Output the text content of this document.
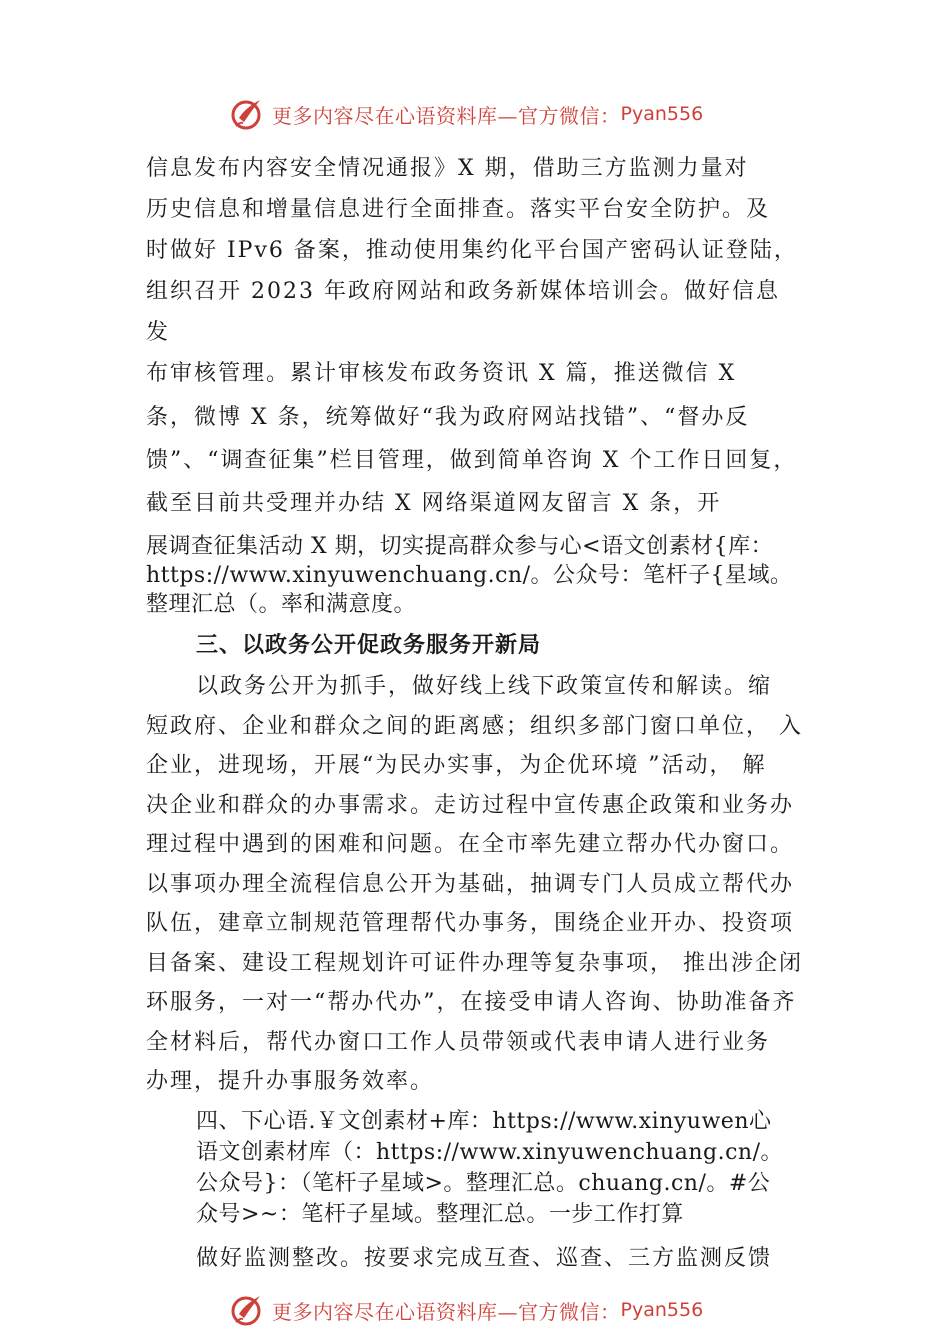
更多内容尽在心语资料库—官方微信： Pyan556
信息发布内容安全情况通报》X 期，借助三方监测力量对
历史信息和增量信息进行全面排查。落实平台安全防护。及
时做好 IPv6 备案，推动使用集约化平台国产密码认证登陆，
组织召开 2023 年政府网站和政务新媒体培训会。做好信息
发
布审核管理。累计审核发布政务资讯 X 篇，推送微信 X
条，微博 X 条，统筹做好“我为政府网站找错”、“督办反
馈”、“调查征集”栏目管理，做到简单咨询 X 个工作日回复，
截至目前共受理并办结 X 网络渠道网友留言 X 条，开
展调查征集活动 X 期，切实提高群众参与心<语文创素材{库：
https://www.xinyuwenchuang.cn/。公众号：笔杆子{星域。
整理汇总（。率和满意度。
三、以政务公开促政务服务开新局
以政务公开为抓手，做好线上线下政策宣传和解读。缩
短政府、企业和群众之间的距离感；组织多部门窗口单位， 入
企业，进现场，开展“为民办实事，为企优环境 ”活动， 解
决企业和群众的办事需求。走访过程中宣传惠企政策和业务办
理过程中遇到的困难和问题。在全市率先建立帮办代办窗口。
以事项办理全流程信息公开为基础，抽调专门人员成立帮代办
队伍，建章立制规范管理帮代办事务，围绕企业开办、投资项
目备案、建设工程规划许可证件办理等复杂事项， 推出涉企闭
环服务，一对一“帮办代办”，在接受申请人咨询、协助准备齐
全材料后，帮代办窗口工作人员带领或代表申请人进行业务
办理，提升办事服务效率。
四、下心语.￥文创素材+库：https://www.xinyuwen心
语文创素材库（：https://www.xinyuwenchuang.cn/。
公众号}：（笔杆子星域>。整理汇总。chuang.cn/。#公
众号>~：笔杆子星域。整理汇总。一步工作打算
做好监测整改。按要求完成互查、巡查、三方监测反馈
更多内容尽在心语资料库—官方微信： Pyan556
